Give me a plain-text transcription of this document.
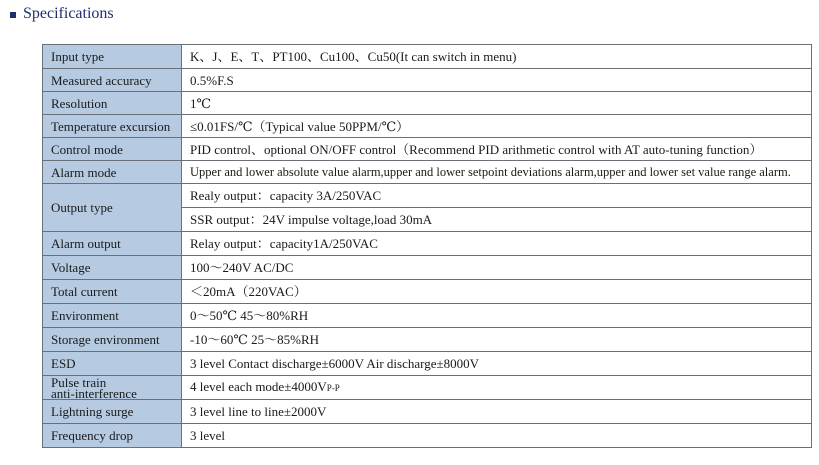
Specifications
Input type	K、J、E、T、PT100、Cu100、Cu50(It can switch in menu)
Measured accuracy	0.5%F.S
Resolution	1℃
Temperature excursion	≤0.01FS/℃（Typical value 50PPM/℃）
Control mode	PID control、optional ON/OFF control（Recommend PID arithmetic control with AT auto-tuning function）
Alarm mode	Upper and lower absolute value alarm,upper and lower setpoint deviations alarm,upper and lower set value range alarm.
Output type	Realy output：capacity 3A/250VAC
	SSR output：24V impulse voltage,load 30mA
Alarm output	Relay output：capacity1A/250VAC
Voltage	100～240V AC/DC
Total current	＜20mA（220VAC）
Environment	0～50℃ 45～80%RH
Storage environment	-10～60℃ 25～85%RH
ESD	3 level Contact discharge±6000V Air discharge±8000V
Pulse train
anti-interference	4 level each mode±4000VP-P
Lightning surge	3 level line to line±2000V
Frequency drop	3 level
